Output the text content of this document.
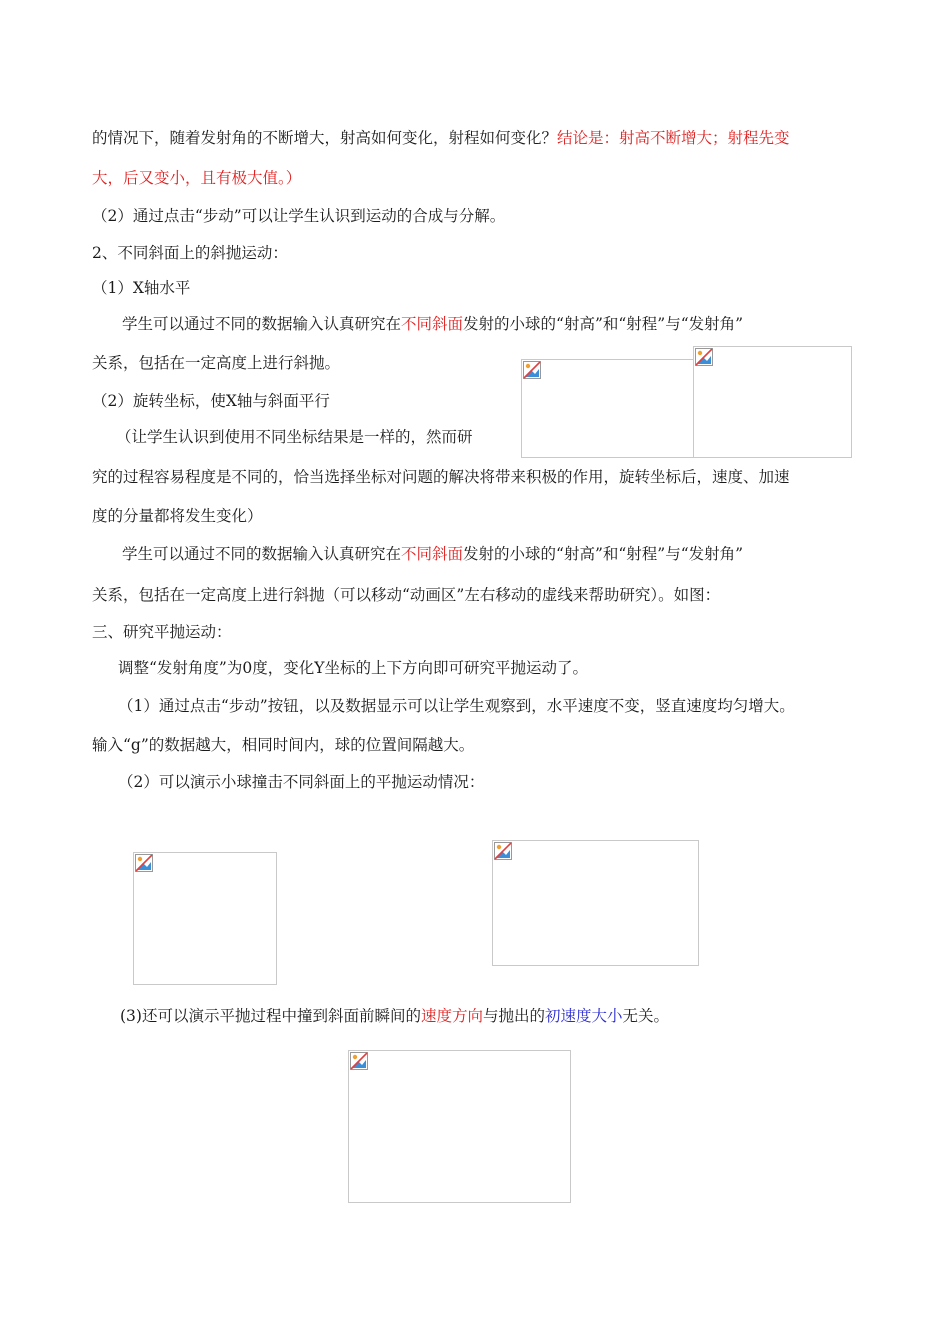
的情况下，随着发射角的不断增大，射高如何变化，射程如何变化？结论是：射高不断增大；射程先变
大，后又变小，且有极大值。）
（2）通过点击“步动”可以让学生认识到运动的合成与分解。
2、不同斜面上的斜抛运动：
（1）X轴水平
学生可以通过不同的数据输入认真研究在不同斜面发射的小球的“射高”和“射程”与“发射角”
关系，包括在一定高度上进行斜抛。
（2）旋转坐标，使X轴与斜面平行
（让学生认识到使用不同坐标结果是一样的，然而研
究的过程容易程度是不同的，恰当选择坐标对问题的解决将带来积极的作用，旋转坐标后，速度、加速
度的分量都将发生变化）
学生可以通过不同的数据输入认真研究在不同斜面发射的小球的“射高”和“射程”与“发射角”
关系，包括在一定高度上进行斜抛（可以移动“动画区”左右移动的虚线来帮助研究）。如图：
三、研究平抛运动：
调整“发射角度”为0度，变化Y坐标的上下方向即可研究平抛运动了。
（1）通过点击“步动”按钮，以及数据显示可以让学生观察到，水平速度不变，竖直速度均匀增大。
输入“g”的数据越大，相同时间内，球的位置间隔越大。
（2）可以演示小球撞击不同斜面上的平抛运动情况：
(3)还可以演示平抛过程中撞到斜面前瞬间的速度方向与抛出的初速度大小无关。
